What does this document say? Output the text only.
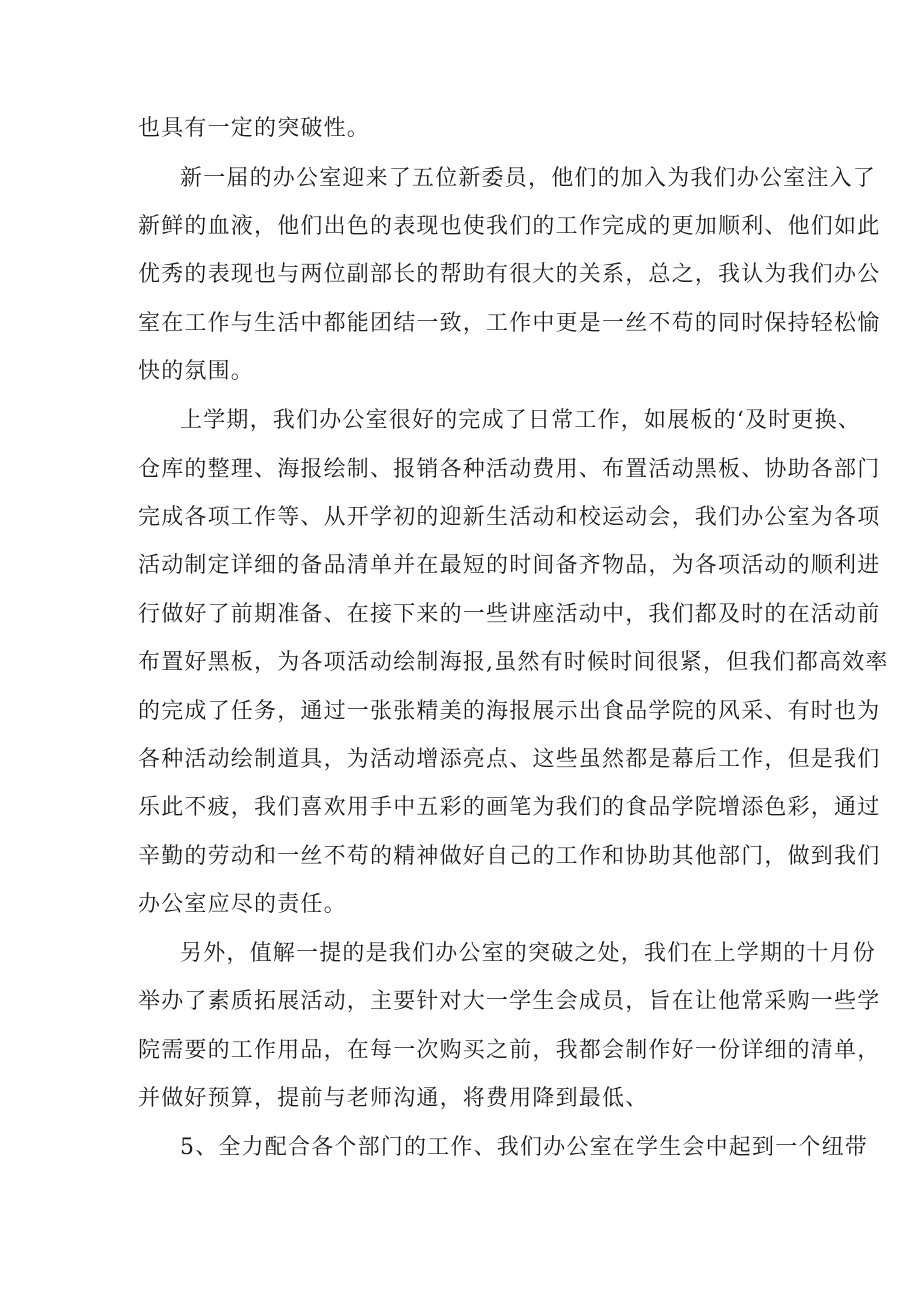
也具有一定的突破性。
新一届的办公室迎来了五位新委员，他们的加入为我们办公室注入了
新鲜的血液，他们出色的表现也使我们的工作完成的更加顺利、他们如此
优秀的表现也与两位副部长的帮助有很大的关系，总之，我认为我们办公
室在工作与生活中都能团结一致，工作中更是一丝不苟的同时保持轻松愉
快的氛围。
上学期，我们办公室很好的完成了日常工作，如展板的‘及时更换、
仓库的整理、海报绘制、报销各种活动费用、布置活动黑板、协助各部门
完成各项工作等、从开学初的迎新生活动和校运动会，我们办公室为各项
活动制定详细的备品清单并在最短的时间备齐物品，为各项活动的顺利进
行做好了前期准备、在接下来的一些讲座活动中，我们都及时的在活动前
布置好黑板，为各项活动绘制海报,虽然有时候时间很紧，但我们都高效率
的完成了任务，通过一张张精美的海报展示出食品学院的风采、有时也为
各种活动绘制道具，为活动增添亮点、这些虽然都是幕后工作，但是我们
乐此不疲，我们喜欢用手中五彩的画笔为我们的食品学院增添色彩，通过
辛勤的劳动和一丝不苟的精神做好自己的工作和协助其他部门，做到我们
办公室应尽的责任。
另外，值解一提的是我们办公室的突破之处，我们在上学期的十月份
举办了素质拓展活动，主要针对大一学生会成员，旨在让他常采购一些学
院需要的工作用品，在每一次购买之前，我都会制作好一份详细的清单，
并做好预算，提前与老师沟通，将费用降到最低、
5、全力配合各个部门的工作、我们办公室在学生会中起到一个纽带
